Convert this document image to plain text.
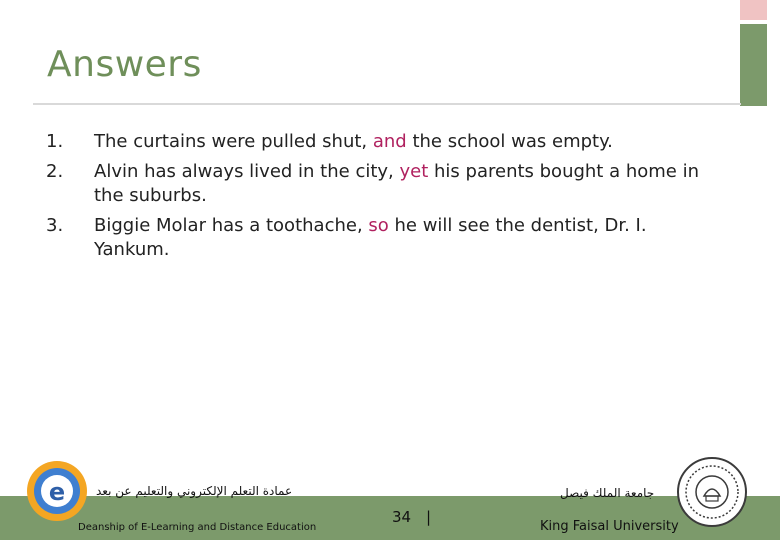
Answers
1.	The curtains were pulled shut, and the school was empty.
2.	Alvin has always lived in the city, yet his parents bought a home in the suburbs.
3.	Biggie Molar has a toothache, so he will see the dentist, Dr. I. Yankum.
e	عمادة التعلم الإلكتروني والتعليم عن بعد
Deanship of E-Learning and Distance Education
34 |
جامعة الملك فيصل
King Faisal University
